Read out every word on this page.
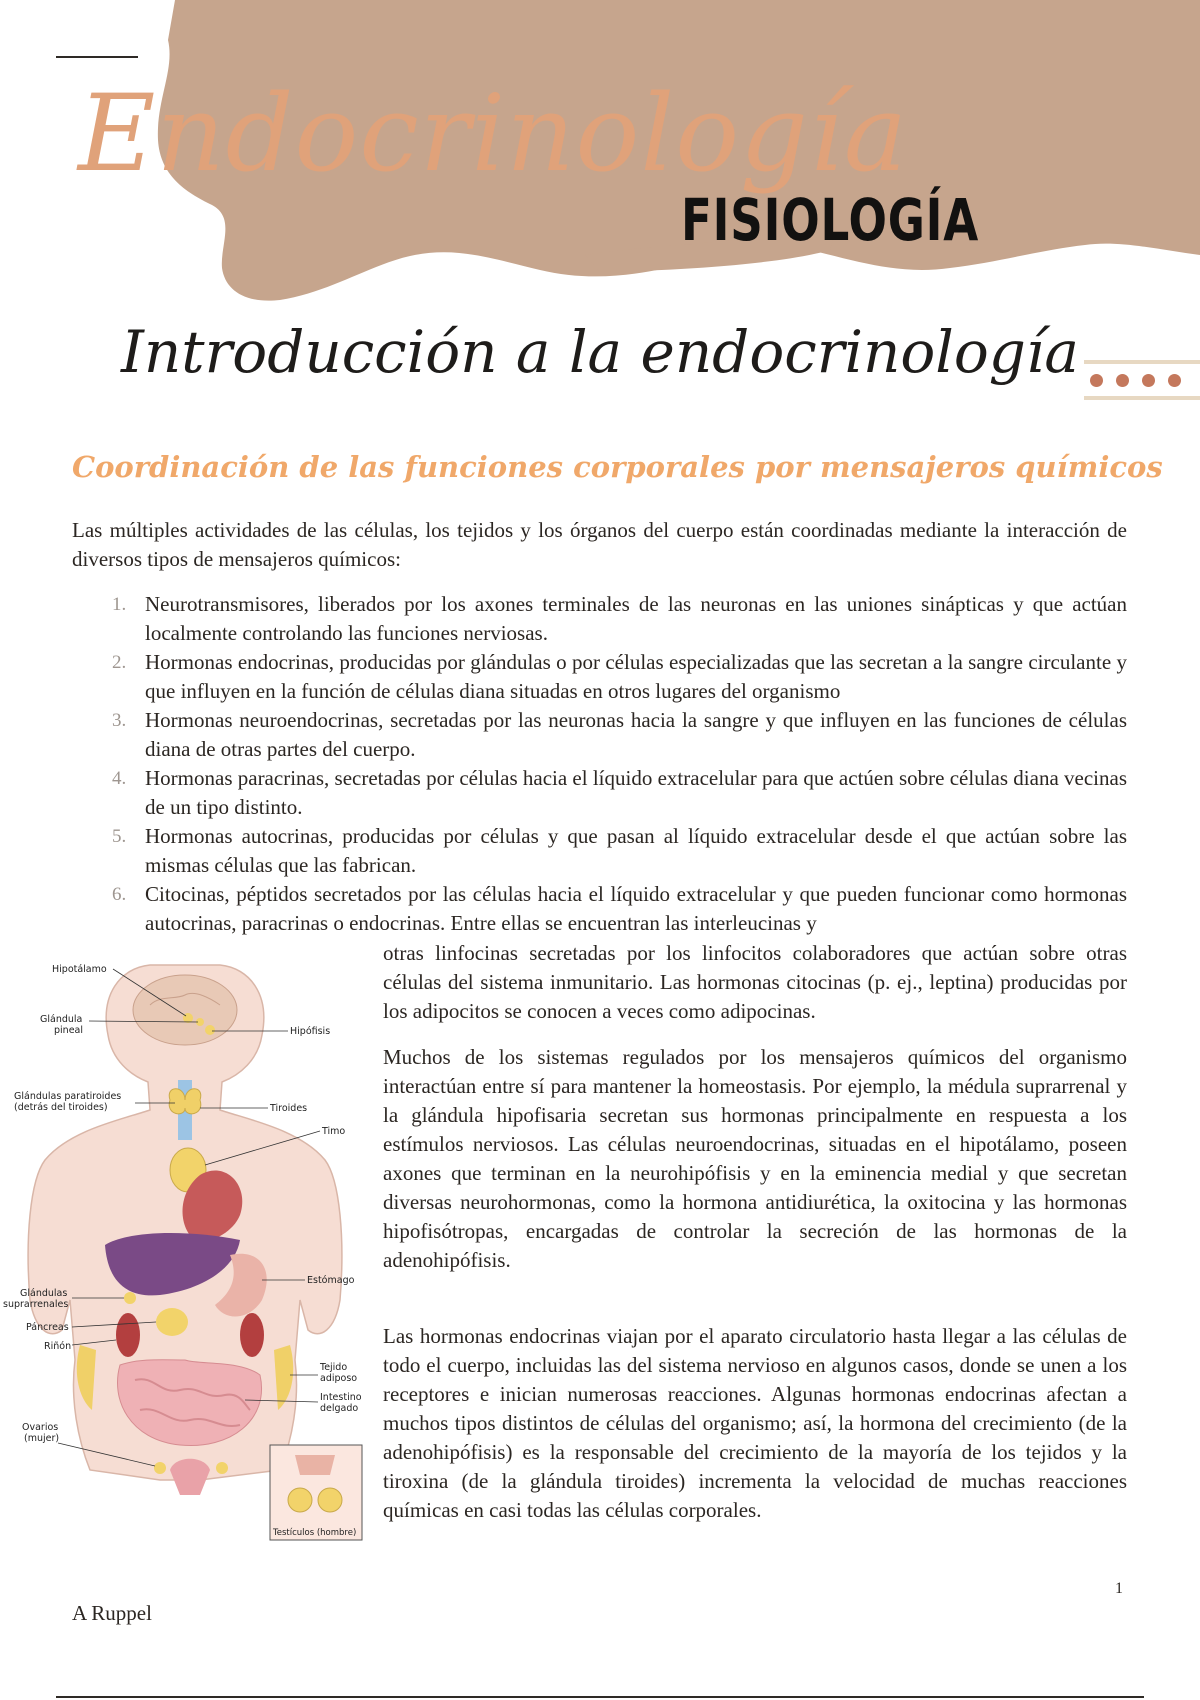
Endocrinología
FISIOLOGÍA
Introducción a la endocrinología
Coordinación de las funciones corporales por mensajeros químicos
Las múltiples actividades de las células, los tejidos y los órganos del cuerpo están coordinadas mediante la interacción de diversos tipos de mensajeros químicos:
1. Neurotransmisores, liberados por los axones terminales de las neuronas en las uniones sinápticas y que actúan localmente controlando las funciones nerviosas.
2. Hormonas endocrinas, producidas por glándulas o por células especializadas que las secretan a la sangre circulante y que influyen en la función de células diana situadas en otros lugares del organismo
3. Hormonas neuroendocrinas, secretadas por las neuronas hacia la sangre y que influyen en las funciones de células diana de otras partes del cuerpo.
4. Hormonas paracrinas, secretadas por células hacia el líquido extracelular para que actúen sobre células diana vecinas de un tipo distinto.
5. Hormonas autocrinas, producidas por células y que pasan al líquido extracelular desde el que actúan sobre las mismas células que las fabrican.
6. Citocinas, péptidos secretados por las células hacia el líquido extracelular y que pueden funcionar como hormonas autocrinas, paracrinas o endocrinas. Entre ellas se encuentran las interleucinas y
otras linfocinas secretadas por los linfocitos colaboradores que actúan sobre otras células del sistema inmunitario. Las hormonas citocinas (p. ej., leptina) producidas por los adipocitos se conocen a veces como adipocinas.
Muchos de los sistemas regulados por los mensajeros químicos del organismo interactúan entre sí para mantener la homeostasis. Por ejemplo, la médula suprarrenal y la glándula hipofisaria secretan sus hormonas principalmente en respuesta a los estímulos nerviosos. Las células neuroendocrinas, situadas en el hipotálamo, poseen axones que terminan en la neurohipófisis y en la eminencia medial y que secretan diversas neurohormonas, como la hormona antidiurética, la oxitocina y las hormonas hipofisótropas, encargadas de controlar la secreción de las hormonas de la adenohipófisis.
Las hormonas endocrinas viajan por el aparato circulatorio hasta llegar a las células de todo el cuerpo, incluidas las del sistema nervioso en algunos casos, donde se unen a los receptores e inician numerosas reacciones. Algunas hormonas endocrinas afectan a muchos tipos distintos de células del organismo; así, la hormona del crecimiento (de la adenohipófisis) es la responsable del crecimiento de la mayoría de los tejidos y la tiroxina (de la glándula tiroides) incrementa la velocidad de muchas reacciones químicas en casi todas las células corporales.
Hipotálamo
Glándula
pineal	Hipófisis
Glándulas paratiroides
(detrás del tiroides)	Tiroides
Timo
Estómago
Glándulas
suprarrenales
Páncreas
Riñón
Tejido
adiposo
Intestino
delgado
Ovarios
(mujer)
Testículos (hombre)
1
A Ruppel
